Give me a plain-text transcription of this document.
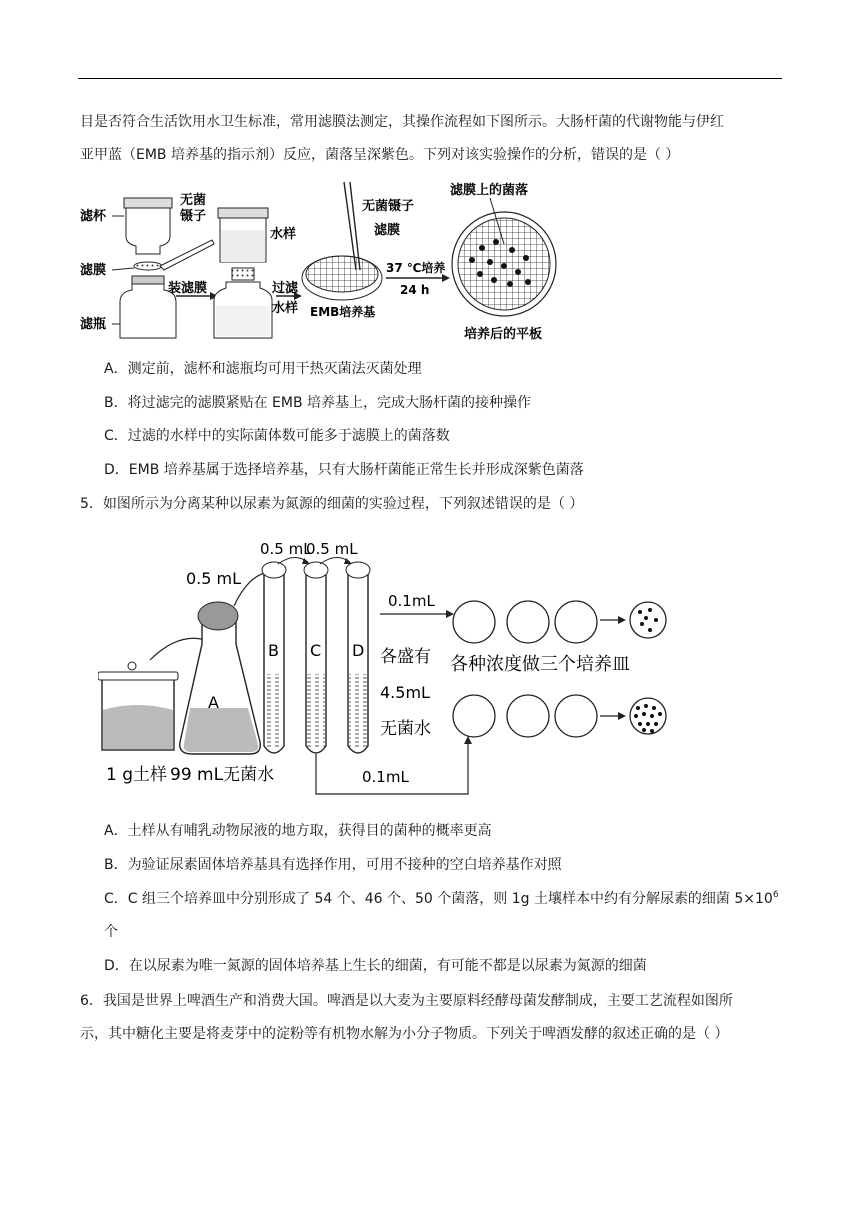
目是否符合生活饮用水卫生标准，常用滤膜法测定，其操作流程如下图所示。大肠杆菌的代谢物能与伊红
亚甲蓝（EMB 培养基的指示剂）反应，菌落呈深紫色。下列对该实验操作的分析，错误的是（ ）
滤杯
滤膜
滤瓶
无菌
镊子
装滤膜
水样
过滤
水样
无菌镊子
滤膜
EMB培养基
37 ℃培养
24 h
滤膜上的菌落
培养后的平板
A．测定前，滤杯和滤瓶均可用干热灭菌法灭菌处理
B．将过滤完的滤膜紧贴在 EMB 培养基上，完成大肠杆菌的接种操作
C．过滤的水样中的实际菌体数可能多于滤膜上的菌落数
D．EMB 培养基属于选择培养基，只有大肠杆菌能正常生长并形成深紫色菌落
5．如图所示为分离某种以尿素为氮源的细菌的实验过程，下列叙述错误的是（ ）
1 g土样
A
0.5 mL
99 mL无菌水
B C D
0.5 mL
0.5 mL
各盛有
4.5mL
无菌水
0.1mL
各种浓度做三个培养皿
0.1mL
A．土样从有哺乳动物尿液的地方取，获得目的菌种的概率更高
B．为验证尿素固体培养基具有选择作用，可用不接种的空白培养基作对照
C．C 组三个培养皿中分别形成了 54 个、46 个、50 个菌落，则 1g 土壤样本中约有分解尿素的细菌 $5\times 10^6$
个
D．在以尿素为唯一氮源的固体培养基上生长的细菌，有可能不都是以尿素为氮源的细菌
6．我国是世界上啤酒生产和消费大国。啤酒是以大麦为主要原料经酵母菌发酵制成，主要工艺流程如图所
示，其中糖化主要是将麦芽中的淀粉等有机物水解为小分子物质。下列关于啤酒发酵的叙述正确的是（ ）
